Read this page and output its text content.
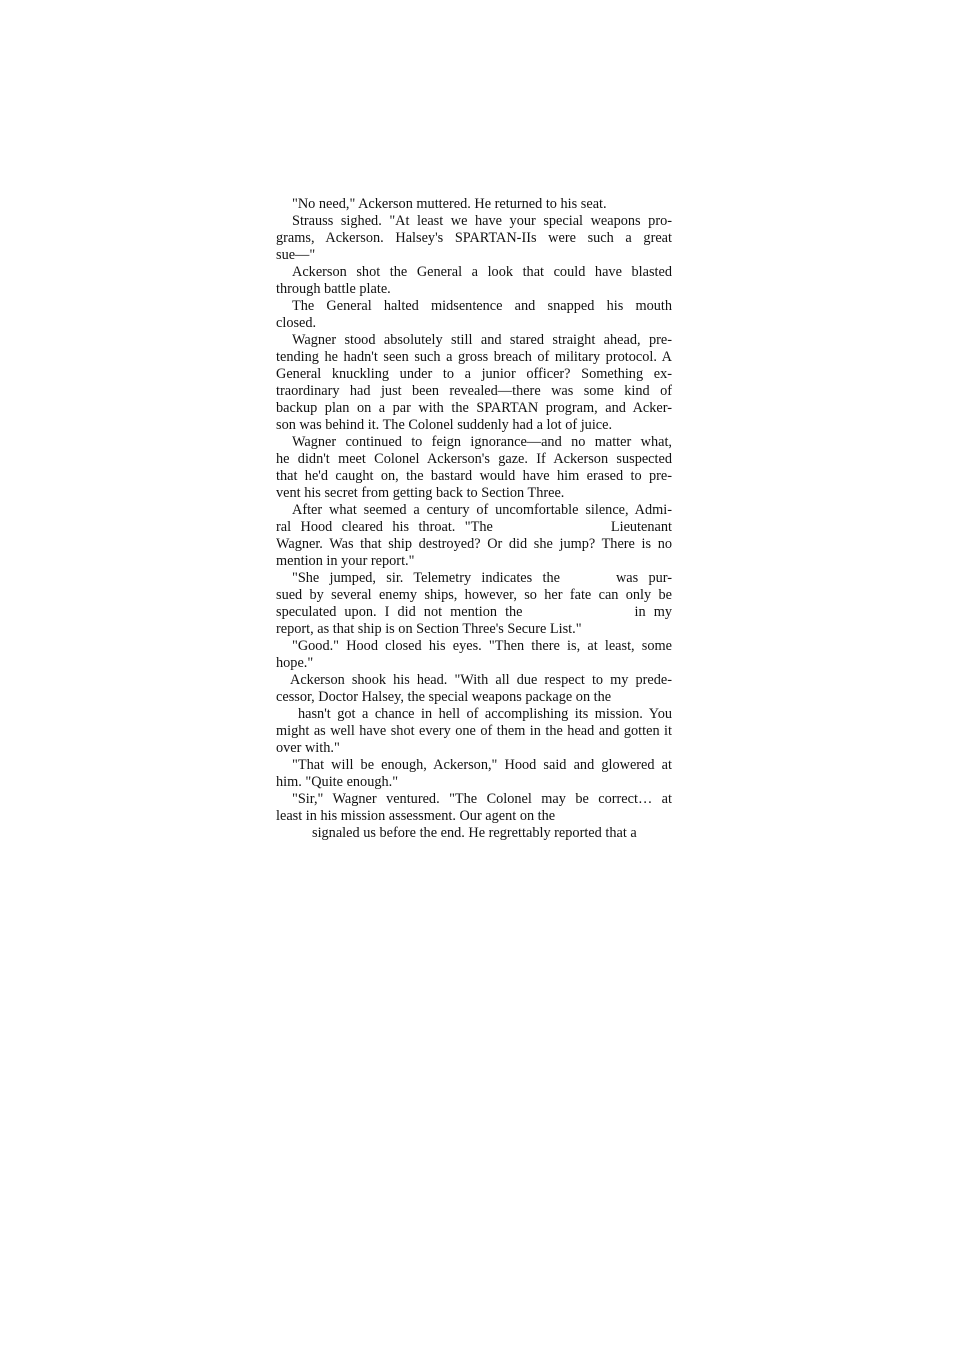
"No need," Ackerson muttered. He returned to his seat.
Strauss sighed. "At least we have your special weapons pro-
grams, Ackerson. Halsey's SPARTAN-IIs were such a great
sue—"
Ackerson shot the General a look that could have blasted
through battle plate.
The General halted midsentence and snapped his mouth
closed.
Wagner stood absolutely still and stared straight ahead, pre-
tending he hadn't seen such a gross breach of military protocol. A
General knuckling under to a junior officer? Something ex-
traordinary had just been revealed—there was some kind of
backup plan on a par with the SPARTAN program, and Acker-
son was behind it. The Colonel suddenly had a lot of juice.
Wagner continued to feign ignorance—and no matter what,
he didn't meet Colonel Ackerson's gaze. If Ackerson suspected
that he'd caught on, the bastard would have him erased to pre-
vent his secret from getting back to Section Three.
After what seemed a century of uncomfortable silence, Admi-
ral Hood cleared his throat. "The	Lieutenant
Wagner. Was that ship destroyed? Or did she jump? There is no
mention in your report."
"She jumped, sir. Telemetry indicates the	was pur-
sued by several enemy ships, however, so her fate can only be
speculated upon. I did not mention the	in my
report, as that ship is on Section Three's Secure List."
"Good." Hood closed his eyes. "Then there is, at least, some
hope."
Ackerson shook his head. "With all due respect to my prede-
cessor, Doctor Halsey, the special weapons package on the
hasn't got a chance in hell of accomplishing its mission. You
might as well have shot every one of them in the head and gotten it
over with."
"That will be enough, Ackerson," Hood said and glowered at
him. "Quite enough."
"Sir," Wagner ventured. "The Colonel may be correct… at
least in his mission assessment. Our agent on the
signaled us before the end. He regrettably reported that a
